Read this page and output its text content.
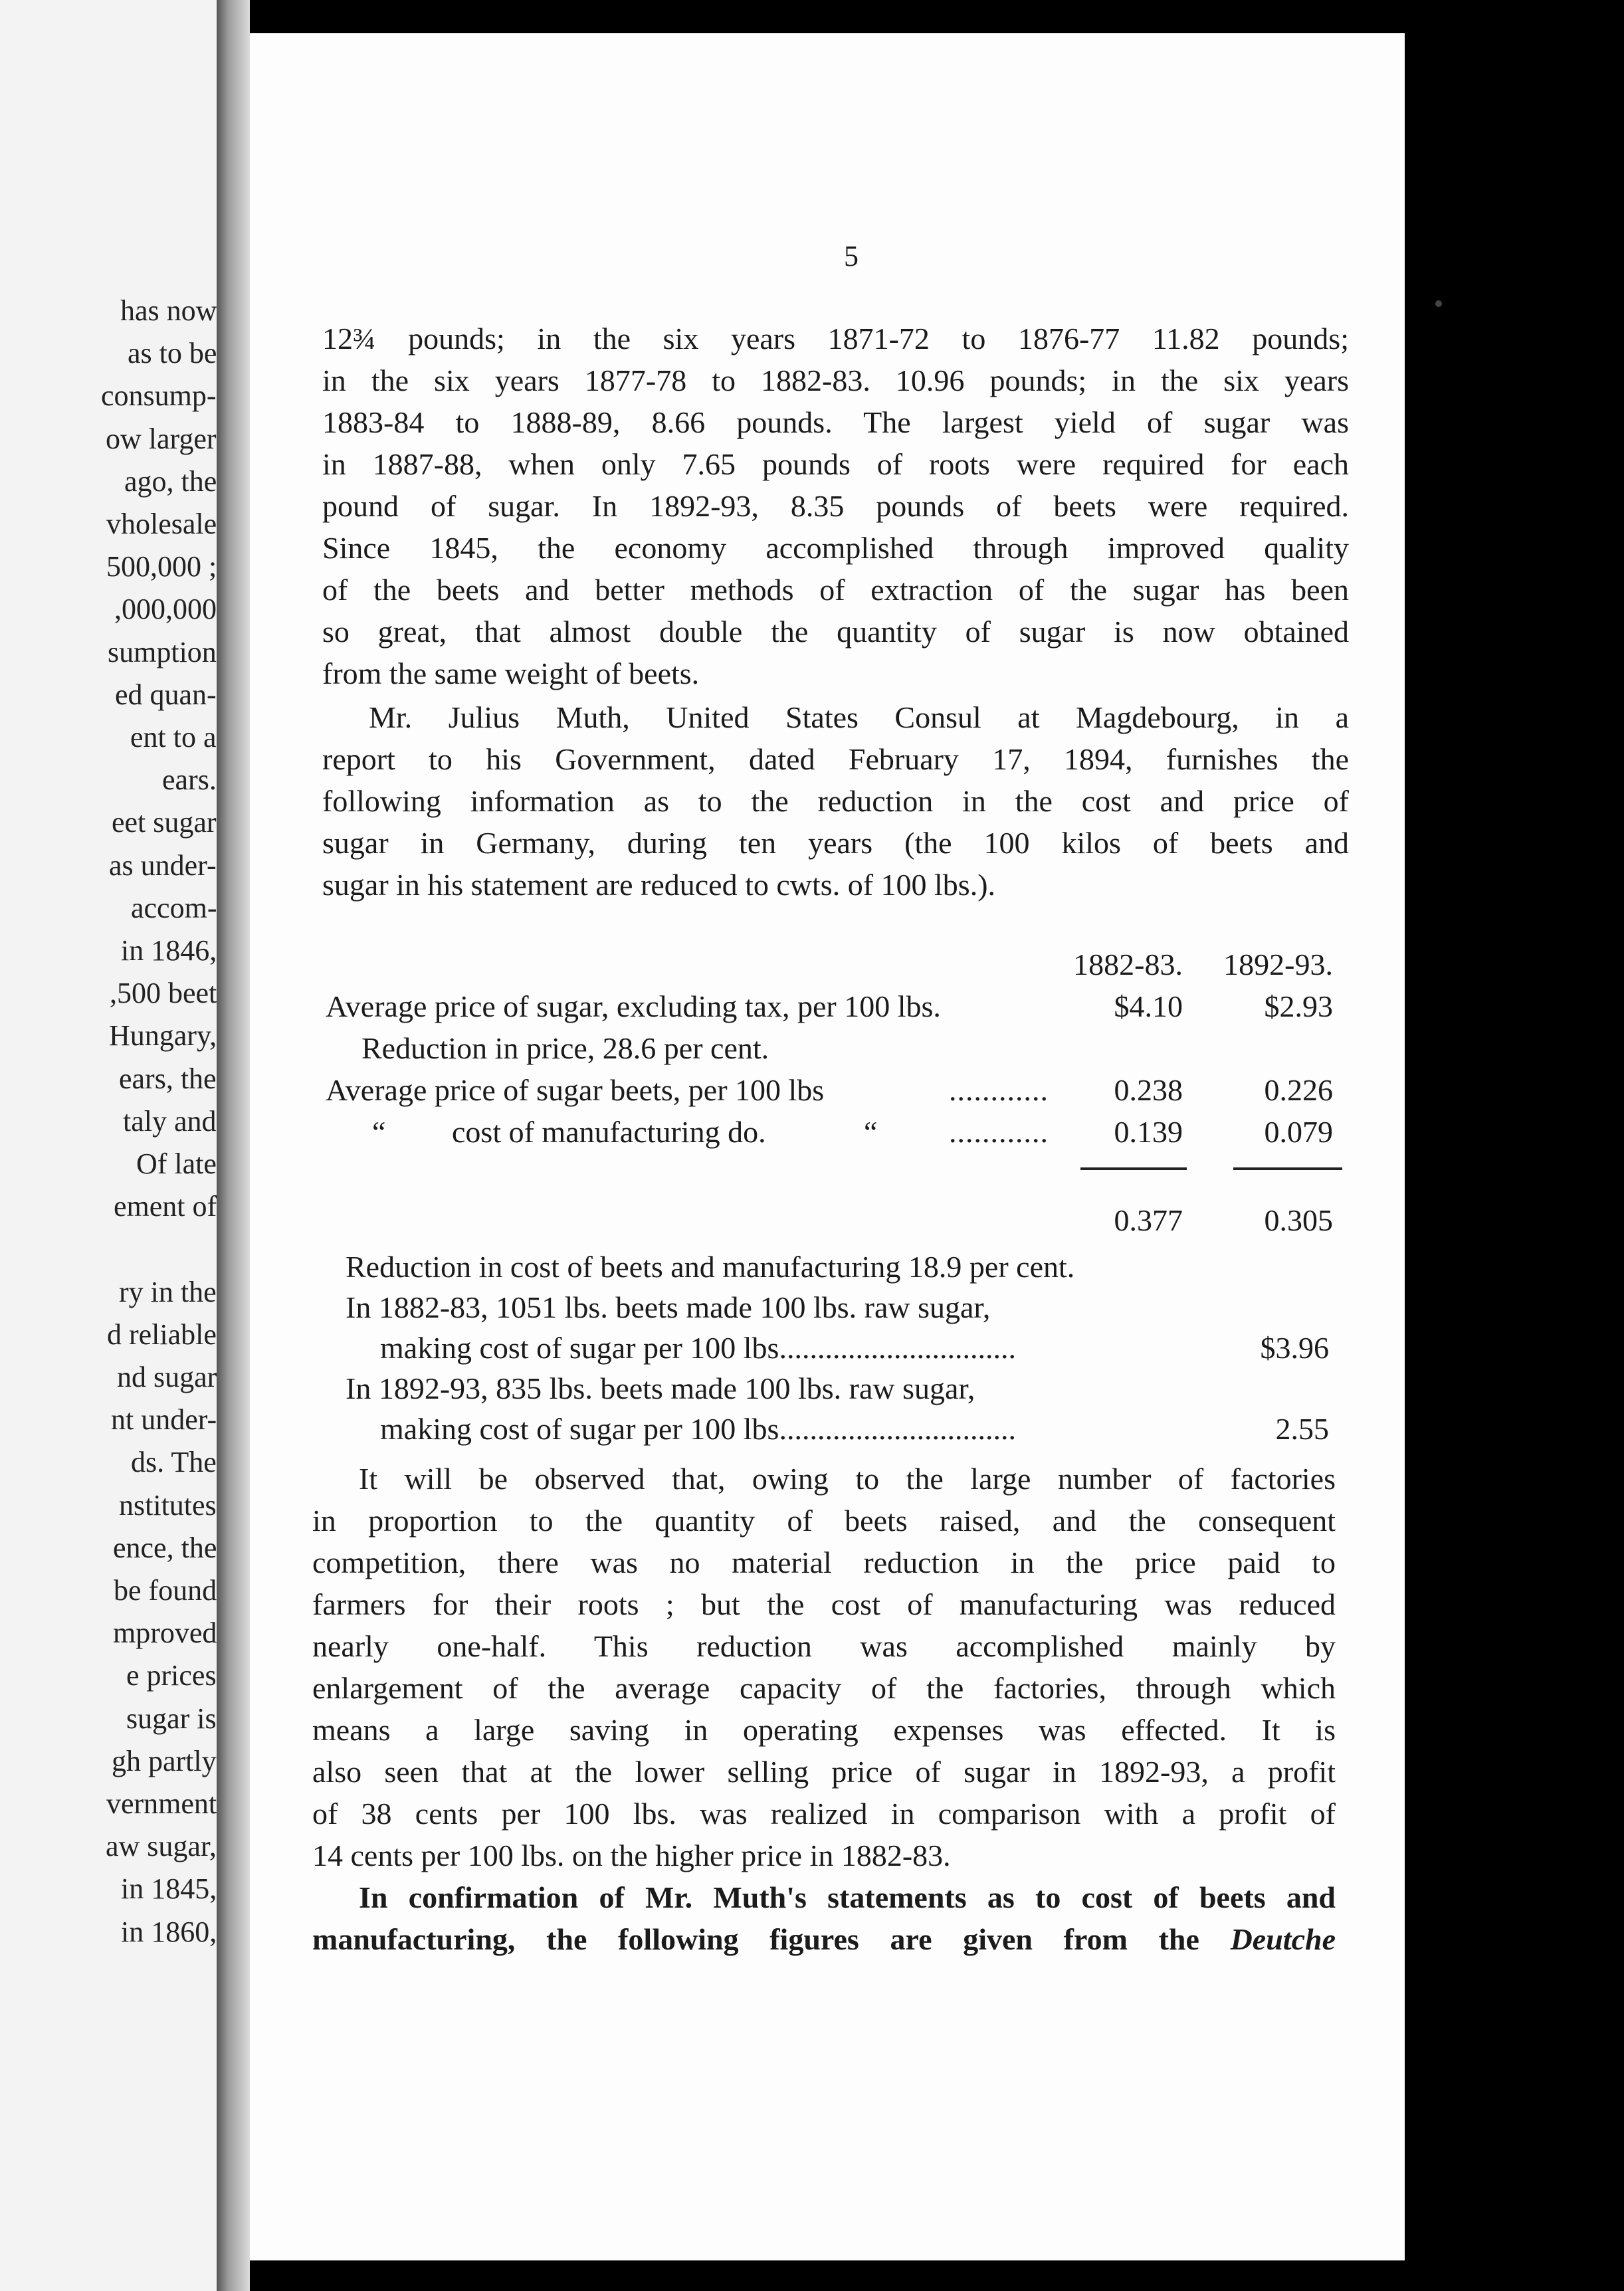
has now
as to be
consump-
ow larger
ago, the
vholesale
500,000 ;
,000,000
sumption
ed quan-
ent to a
ears.
eet sugar
as under-
accom-
in 1846,
,500 beet
Hungary,
ears, the
taly and
Of late
ement of
ry in the
d reliable
nd sugar
nt under-
ds. The
nstitutes
ence, the
be found
mproved
e prices
sugar is
gh partly
vernment
aw sugar,
in 1845,
in 1860,
5
12¾ pounds; in the six years 1871-72 to 1876-77 11.82 pounds;
in the six years 1877-78 to 1882-83. 10.96 pounds; in the six years
1883-84 to 1888-89, 8.66 pounds. The largest yield of sugar was
in 1887-88, when only 7.65 pounds of roots were required for each
pound of sugar. In 1892-93, 8.35 pounds of beets were required.
Since 1845, the economy accomplished through improved quality
of the beets and better methods of extraction of the sugar has been
so great, that almost double the quantity of sugar is now obtained
from the same weight of beets.
Mr. Julius Muth, United States Consul at Magdebourg, in a
report to his Government, dated February 17, 1894, furnishes the
following information as to the reduction in the cost and price of
sugar in Germany, during ten years (the 100 kilos of beets and
sugar in his statement are reduced to cwts. of 100 lbs.).
1882-83. 1892-93.
Average price of sugar, excluding tax, per 100 lbs.	$4.10	$2.93
Reduction in price, 28.6 per cent.
Average price of sugar beets, per 100 lbs	............ 0.238	0.226
“ cost of manufacturing do.	“ ............ 0.139	0.079
0.377	0.305
Reduction in cost of beets and manufacturing 18.9 per cent.
In 1882-83, 1051 lbs. beets made 100 lbs. raw sugar,
making cost of sugar per 100 lbs...............................	$3.96
In 1892-93, 835 lbs. beets made 100 lbs. raw sugar,
making cost of sugar per 100 lbs...............................	2.55
It will be observed that, owing to the large number of factories
in proportion to the quantity of beets raised, and the consequent
competition, there was no material reduction in the price paid to
farmers for their roots ; but the cost of manufacturing was reduced
nearly one-half. This reduction was accomplished mainly by
enlargement of the average capacity of the factories, through which
means a large saving in operating expenses was effected. It is
also seen that at the lower selling price of sugar in 1892-93, a profit
of 38 cents per 100 lbs. was realized in comparison with a profit of
14 cents per 100 lbs. on the higher price in 1882-83.
In confirmation of Mr. Muth's statements as to cost of beets and
manufacturing, the following figures are given from the Deutche
